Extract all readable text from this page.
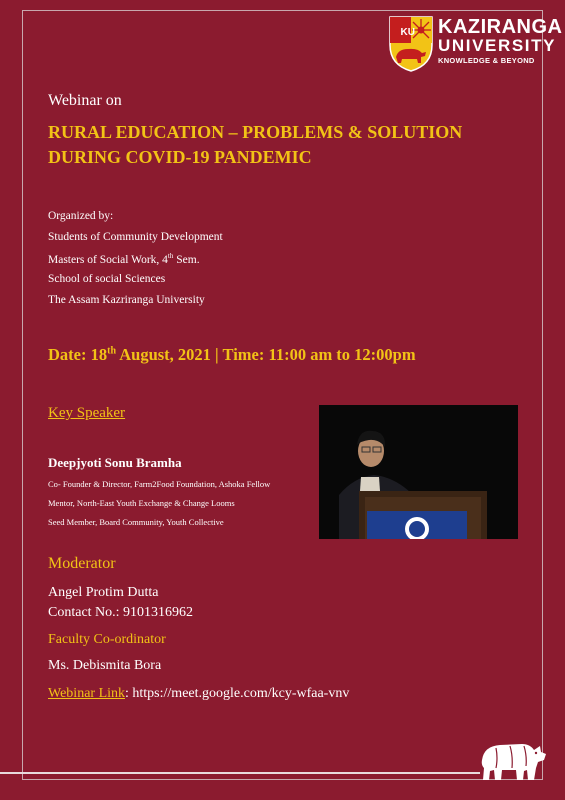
KU KAZIRANGA
UNIVERSITY
KNOWLEDGE & BEYOND
Webinar on
RURAL EDUCATION – PROBLEMS & SOLUTION
DURING COVID-19 PANDEMIC
Organized by:
Students of Community Development
Masters of Social Work, 4th Sem.
School of social Sciences
The Assam Kazriranga University
Date: 18th August, 2021 | Time: 11:00 am to 12:00pm
Key Speaker
Deepjyoti Sonu Bramha
Co- Founder & Director, Farm2Food Foundation, Ashoka Fellow
Mentor, North-East Youth Exchange & Change Looms
Seed Member, Board Community, Youth Collective
Moderator
Angel Protim Dutta
Contact No.: 9101316962
Faculty Co-ordinator
Ms. Debismita Bora
Webinar Link: https://meet.google.com/kcy-wfaa-vnv
